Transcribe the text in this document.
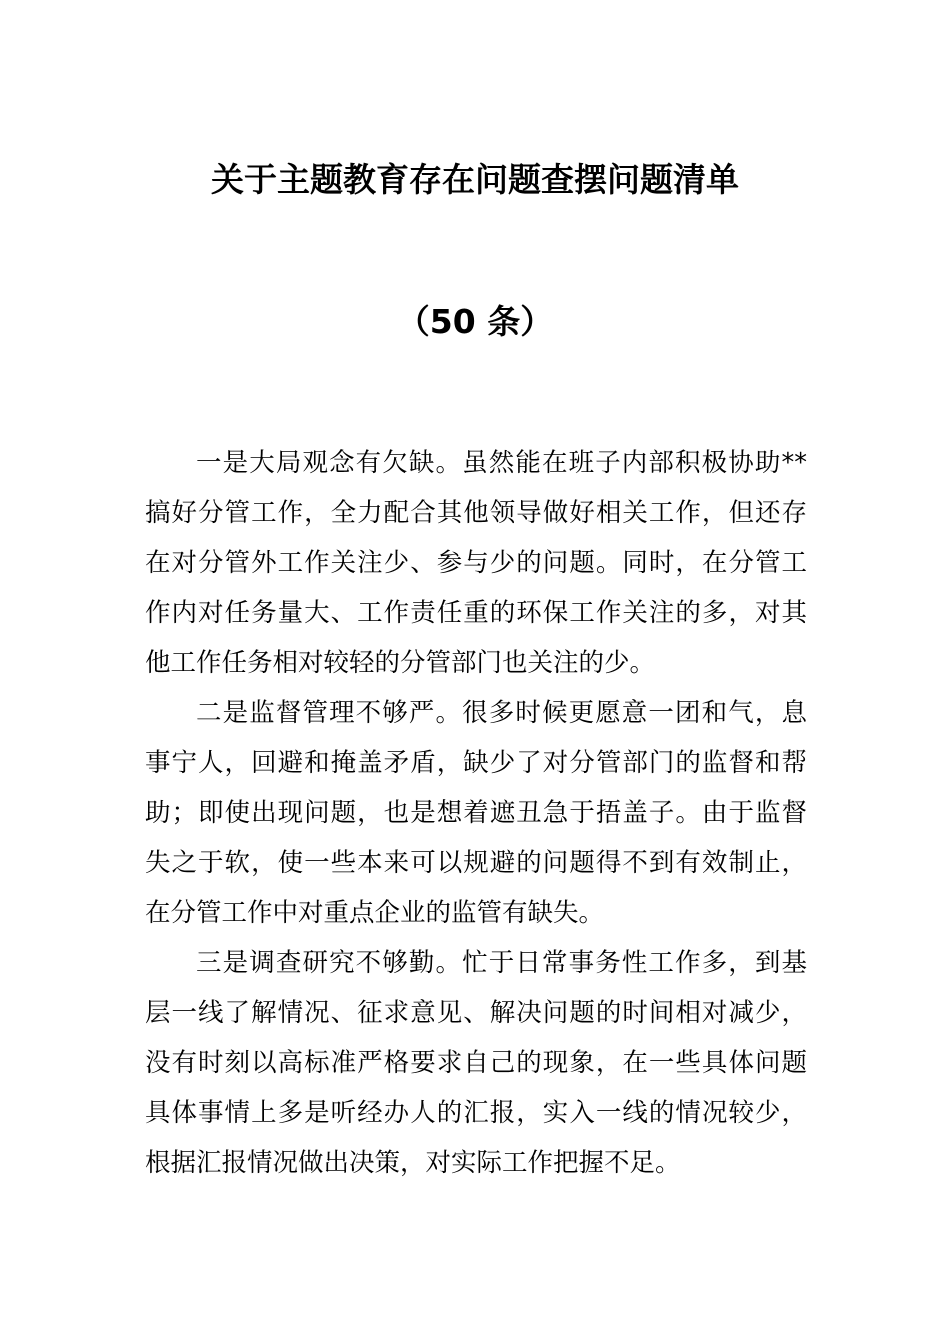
关于主题教育存在问题查摆问题清单
（50 条）

一是大局观念有欠缺。虽然能在班子内部积极协助**搞好分管工作，全力配合其他领导做好相关工作，但还存在对分管外工作关注少、参与少的问题。同时，在分管工作内对任务量大、工作责任重的环保工作关注的多，对其他工作任务相对较轻的分管部门也关注的少。

二是监督管理不够严。很多时候更愿意一团和气，息事宁人，回避和掩盖矛盾，缺少了对分管部门的监督和帮助；即使出现问题，也是想着遮丑急于捂盖子。由于监督失之于软，使一些本来可以规避的问题得不到有效制止，在分管工作中对重点企业的监管有缺失。

三是调查研究不够勤。忙于日常事务性工作多，到基层一线了解情况、征求意见、解决问题的时间相对减少，没有时刻以高标准严格要求自己的现象，在一些具体问题具体事情上多是听经办人的汇报，实入一线的情况较少，根据汇报情况做出决策，对实际工作把握不足。
